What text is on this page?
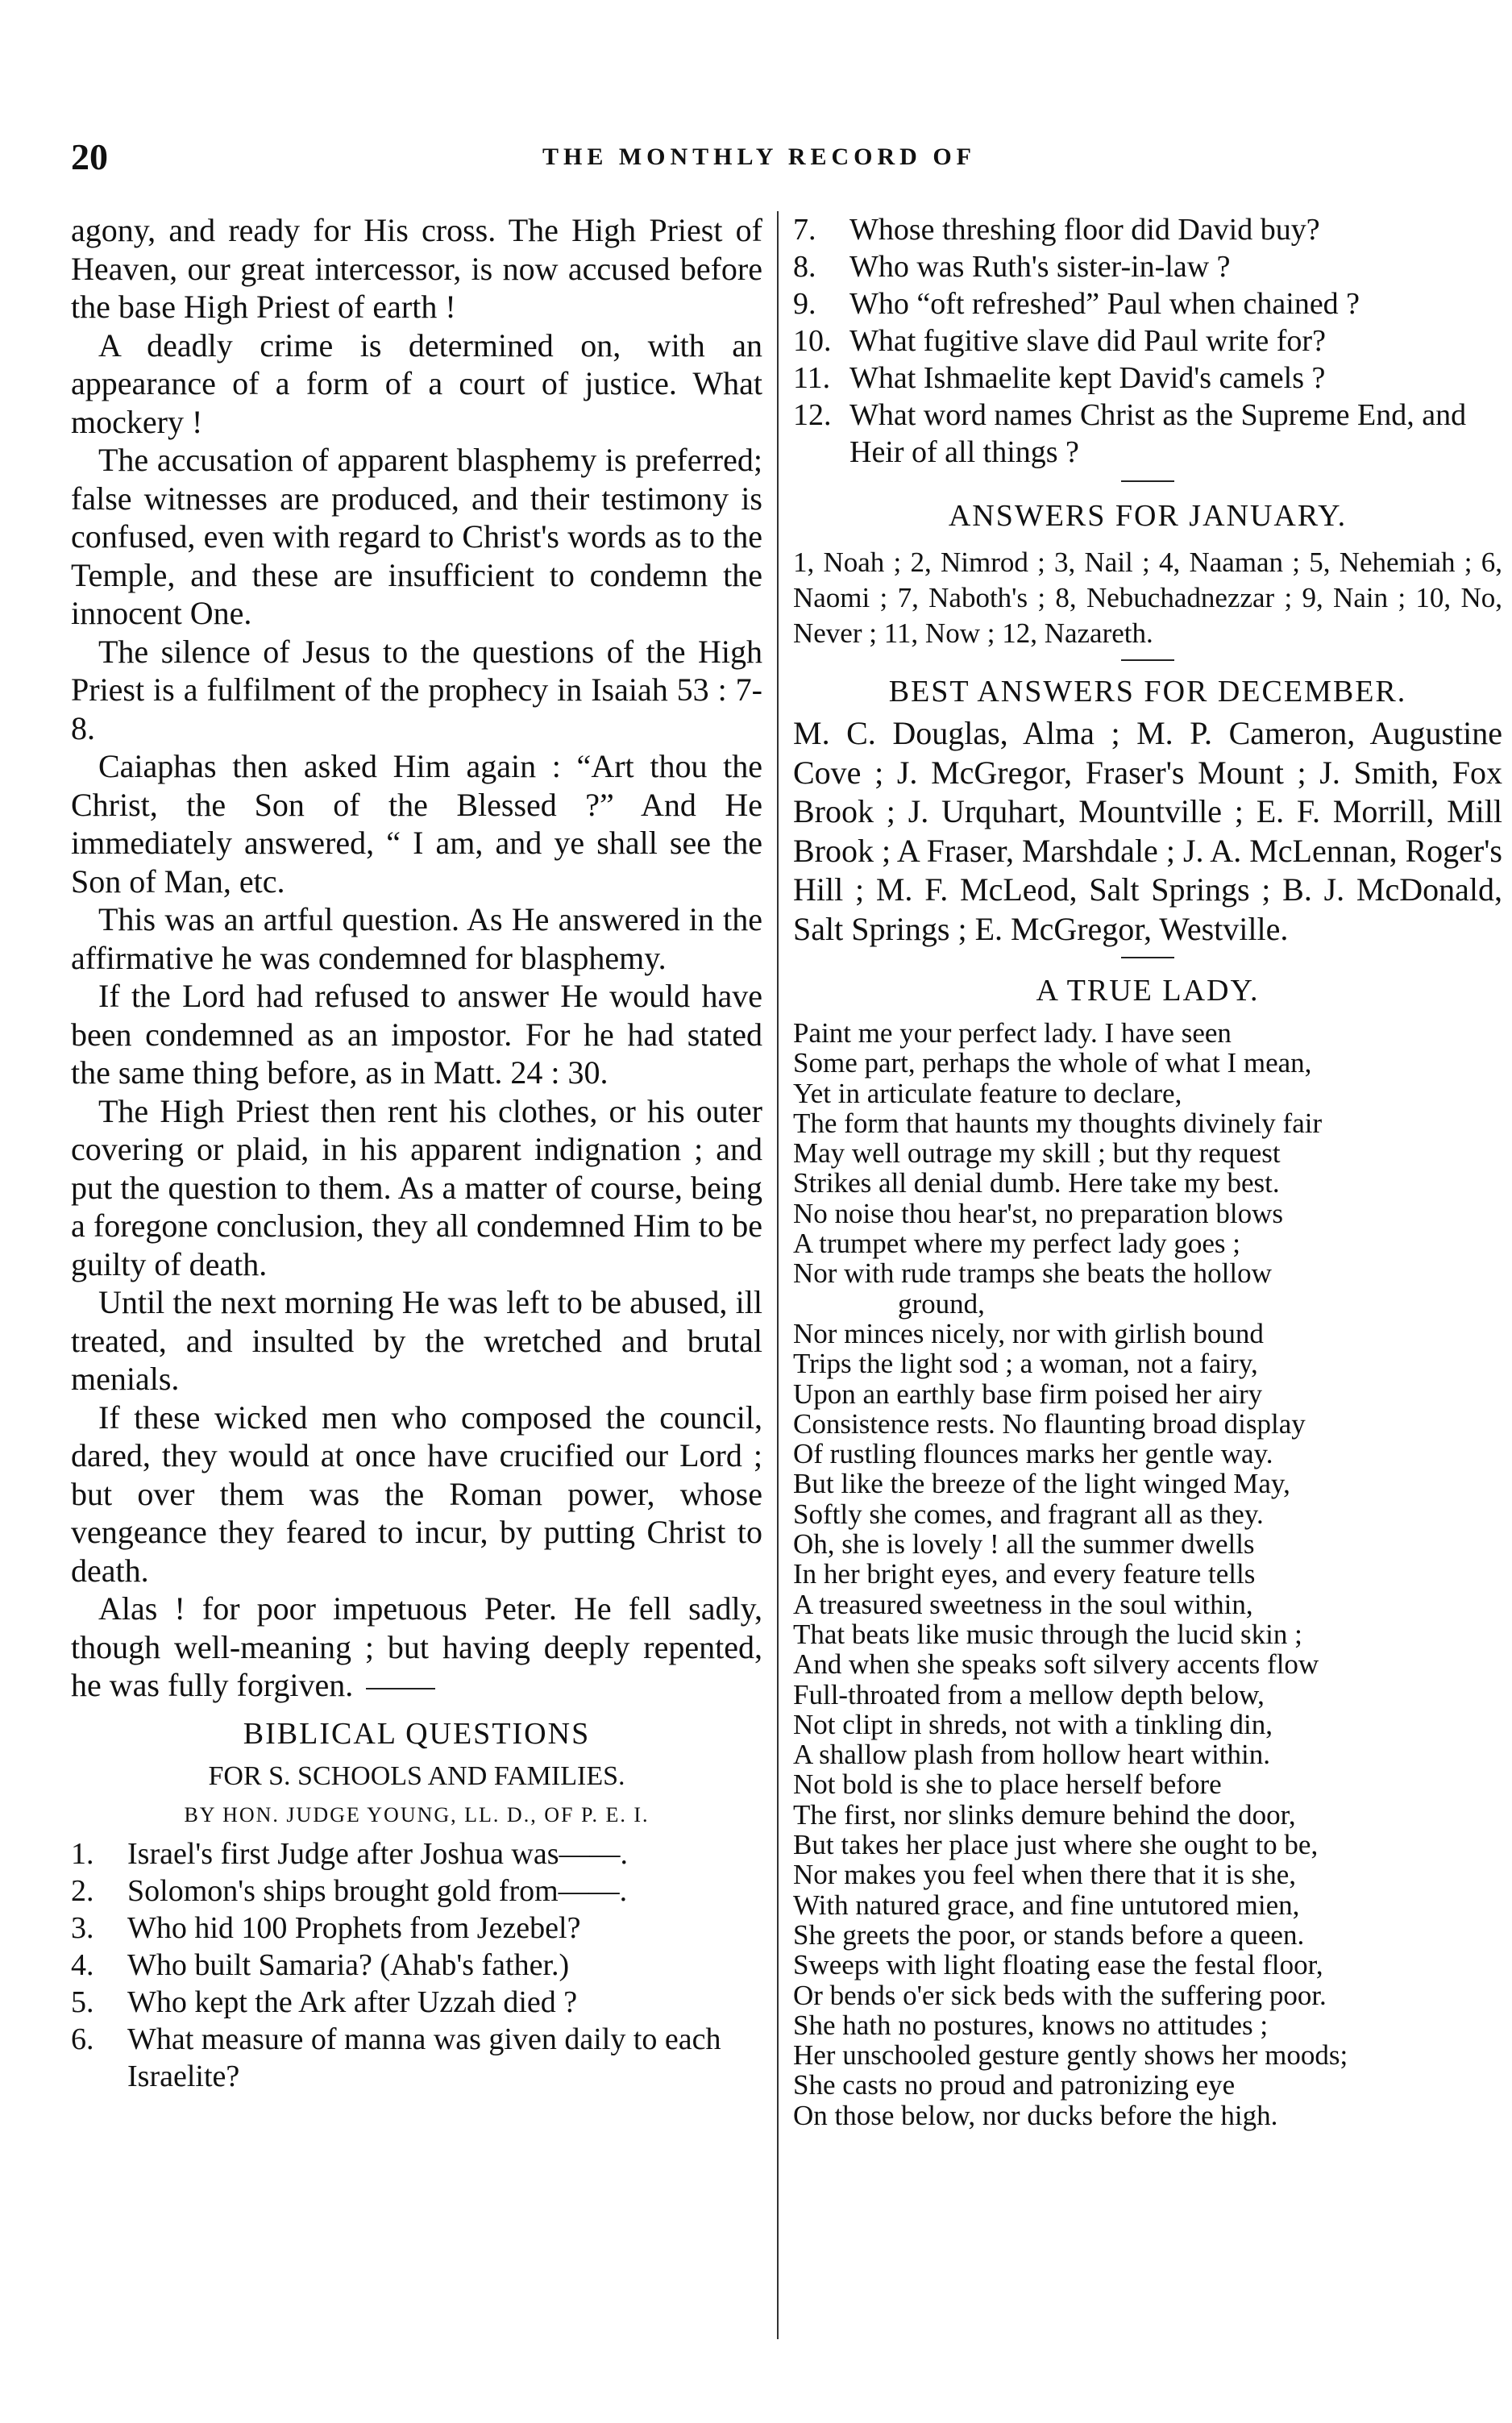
20	THE MONTHLY RECORD OF

agony, and ready for His cross. The High Priest of Heaven, our great intercessor, is now accused before the base High Priest of earth !

A deadly crime is determined on, with an appearance of a form of a court of justice. What mockery !

The accusation of apparent blasphemy is preferred; false witnesses are produced, and their testimony is confused, even with regard to Christ's words as to the Temple, and these are insufficient to condemn the innocent One.

The silence of Jesus to the questions of the High Priest is a fulfilment of the prophecy in Isaiah 53 : 7-8.

Caiaphas then asked Him again : “Art thou the Christ, the Son of the Blessed ?” And He immediately answered, “ I am, and ye shall see the Son of Man, etc.

This was an artful question. As He answered in the affirmative he was condemned for blasphemy.

If the Lord had refused to answer He would have been condemned as an impostor. For he had stated the same thing before, as in Matt. 24 : 30.

The High Priest then rent his clothes, or his outer covering or plaid, in his apparent indignation ; and put the question to them. As a matter of course, being a foregone conclusion, they all condemned Him to be guilty of death.

Until the next morning He was left to be abused, ill treated, and insulted by the wretched and brutal menials.

If these wicked men who composed the council, dared, they would at once have crucified our Lord ; but over them was the Roman power, whose vengeance they feared to incur, by putting Christ to death.

Alas ! for poor impetuous Peter. He fell sadly, though well-meaning ; but having deeply repented, he was fully forgiven.

BIBLICAL QUESTIONS
FOR S. SCHOOLS AND FAMILIES.
BY HON. JUDGE YOUNG, LL. D., OF P. E. I.
1.	Israel's first Judge after Joshua was——.
2.	Solomon's ships brought gold from——.
3.	Who hid 100 Prophets from Jezebel?
4.	Who built Samaria? (Ahab's father.)
5.	Who kept the Ark after Uzzah died ?
6.	What measure of manna was given daily to each Israelite?
7.	Whose threshing floor did David buy?
8.	Who was Ruth's sister-in-law ?
9.	Who “oft refreshed” Paul when chained ?
10. What fugitive slave did Paul write for?
11. What Ishmaelite kept David's camels ?
12. What word names Christ as the Supreme End, and Heir of all things ?
ANSWERS FOR JANUARY.

1, Noah ; 2, Nimrod ; 3, Nail ; 4, Naaman ; 5, Nehemiah ; 6, Naomi ; 7, Naboth's ; 8, Nebuchadnezzar ; 9, Nain ; 10, No, Never ; 11, Now ; 12, Nazareth.

BEST ANSWERS FOR DECEMBER.

M. C. Douglas, Alma ; M. P. Cameron, Augustine Cove ; J. McGregor, Fraser's Mount ; J. Smith, Fox Brook ; J. Urquhart, Mountville ; E. F. Morrill, Mill Brook ; A Fraser, Marshdale ; J. A. McLennan, Roger's Hill ; M. F. McLeod, Salt Springs ; B. J. McDonald, Salt Springs ; E. McGregor, Westville.

A TRUE LADY.
Paint me your perfect lady. I have seen
Some part, perhaps the whole of what I mean,
Yet in articulate feature to declare,
The form that haunts my thoughts divinely fair
May well outrage my skill ; but thy request
Strikes all denial dumb. Here take my best.
No noise thou hear'st, no preparation blows
A trumpet where my perfect lady goes ;
Nor with rude tramps she beats the hollow
ground,
Nor minces nicely, nor with girlish bound
Trips the light sod ; a woman, not a fairy,
Upon an earthly base firm poised her airy
Consistence rests. No flaunting broad display
Of rustling flounces marks her gentle way.
But like the breeze of the light winged May,
Softly she comes, and fragrant all as they.
Oh, she is lovely ! all the summer dwells
In her bright eyes, and every feature tells
A treasured sweetness in the soul within,
That beats like music through the lucid skin ;
And when she speaks soft silvery accents flow
Full-throated from a mellow depth below,
Not clipt in shreds, not with a tinkling din,
A shallow plash from hollow heart within.
Not bold is she to place herself before
The first, nor slinks demure behind the door,
But takes her place just where she ought to be,
Nor makes you feel when there that it is she,
With natured grace, and fine untutored mien,
She greets the poor, or stands before a queen.
Sweeps with light floating ease the festal floor,
Or bends o'er sick beds with the suffering poor.
She hath no postures, knows no attitudes ;
Her unschooled gesture gently shows her moods;
She casts no proud and patronizing eye
On those below, nor ducks before the high.
